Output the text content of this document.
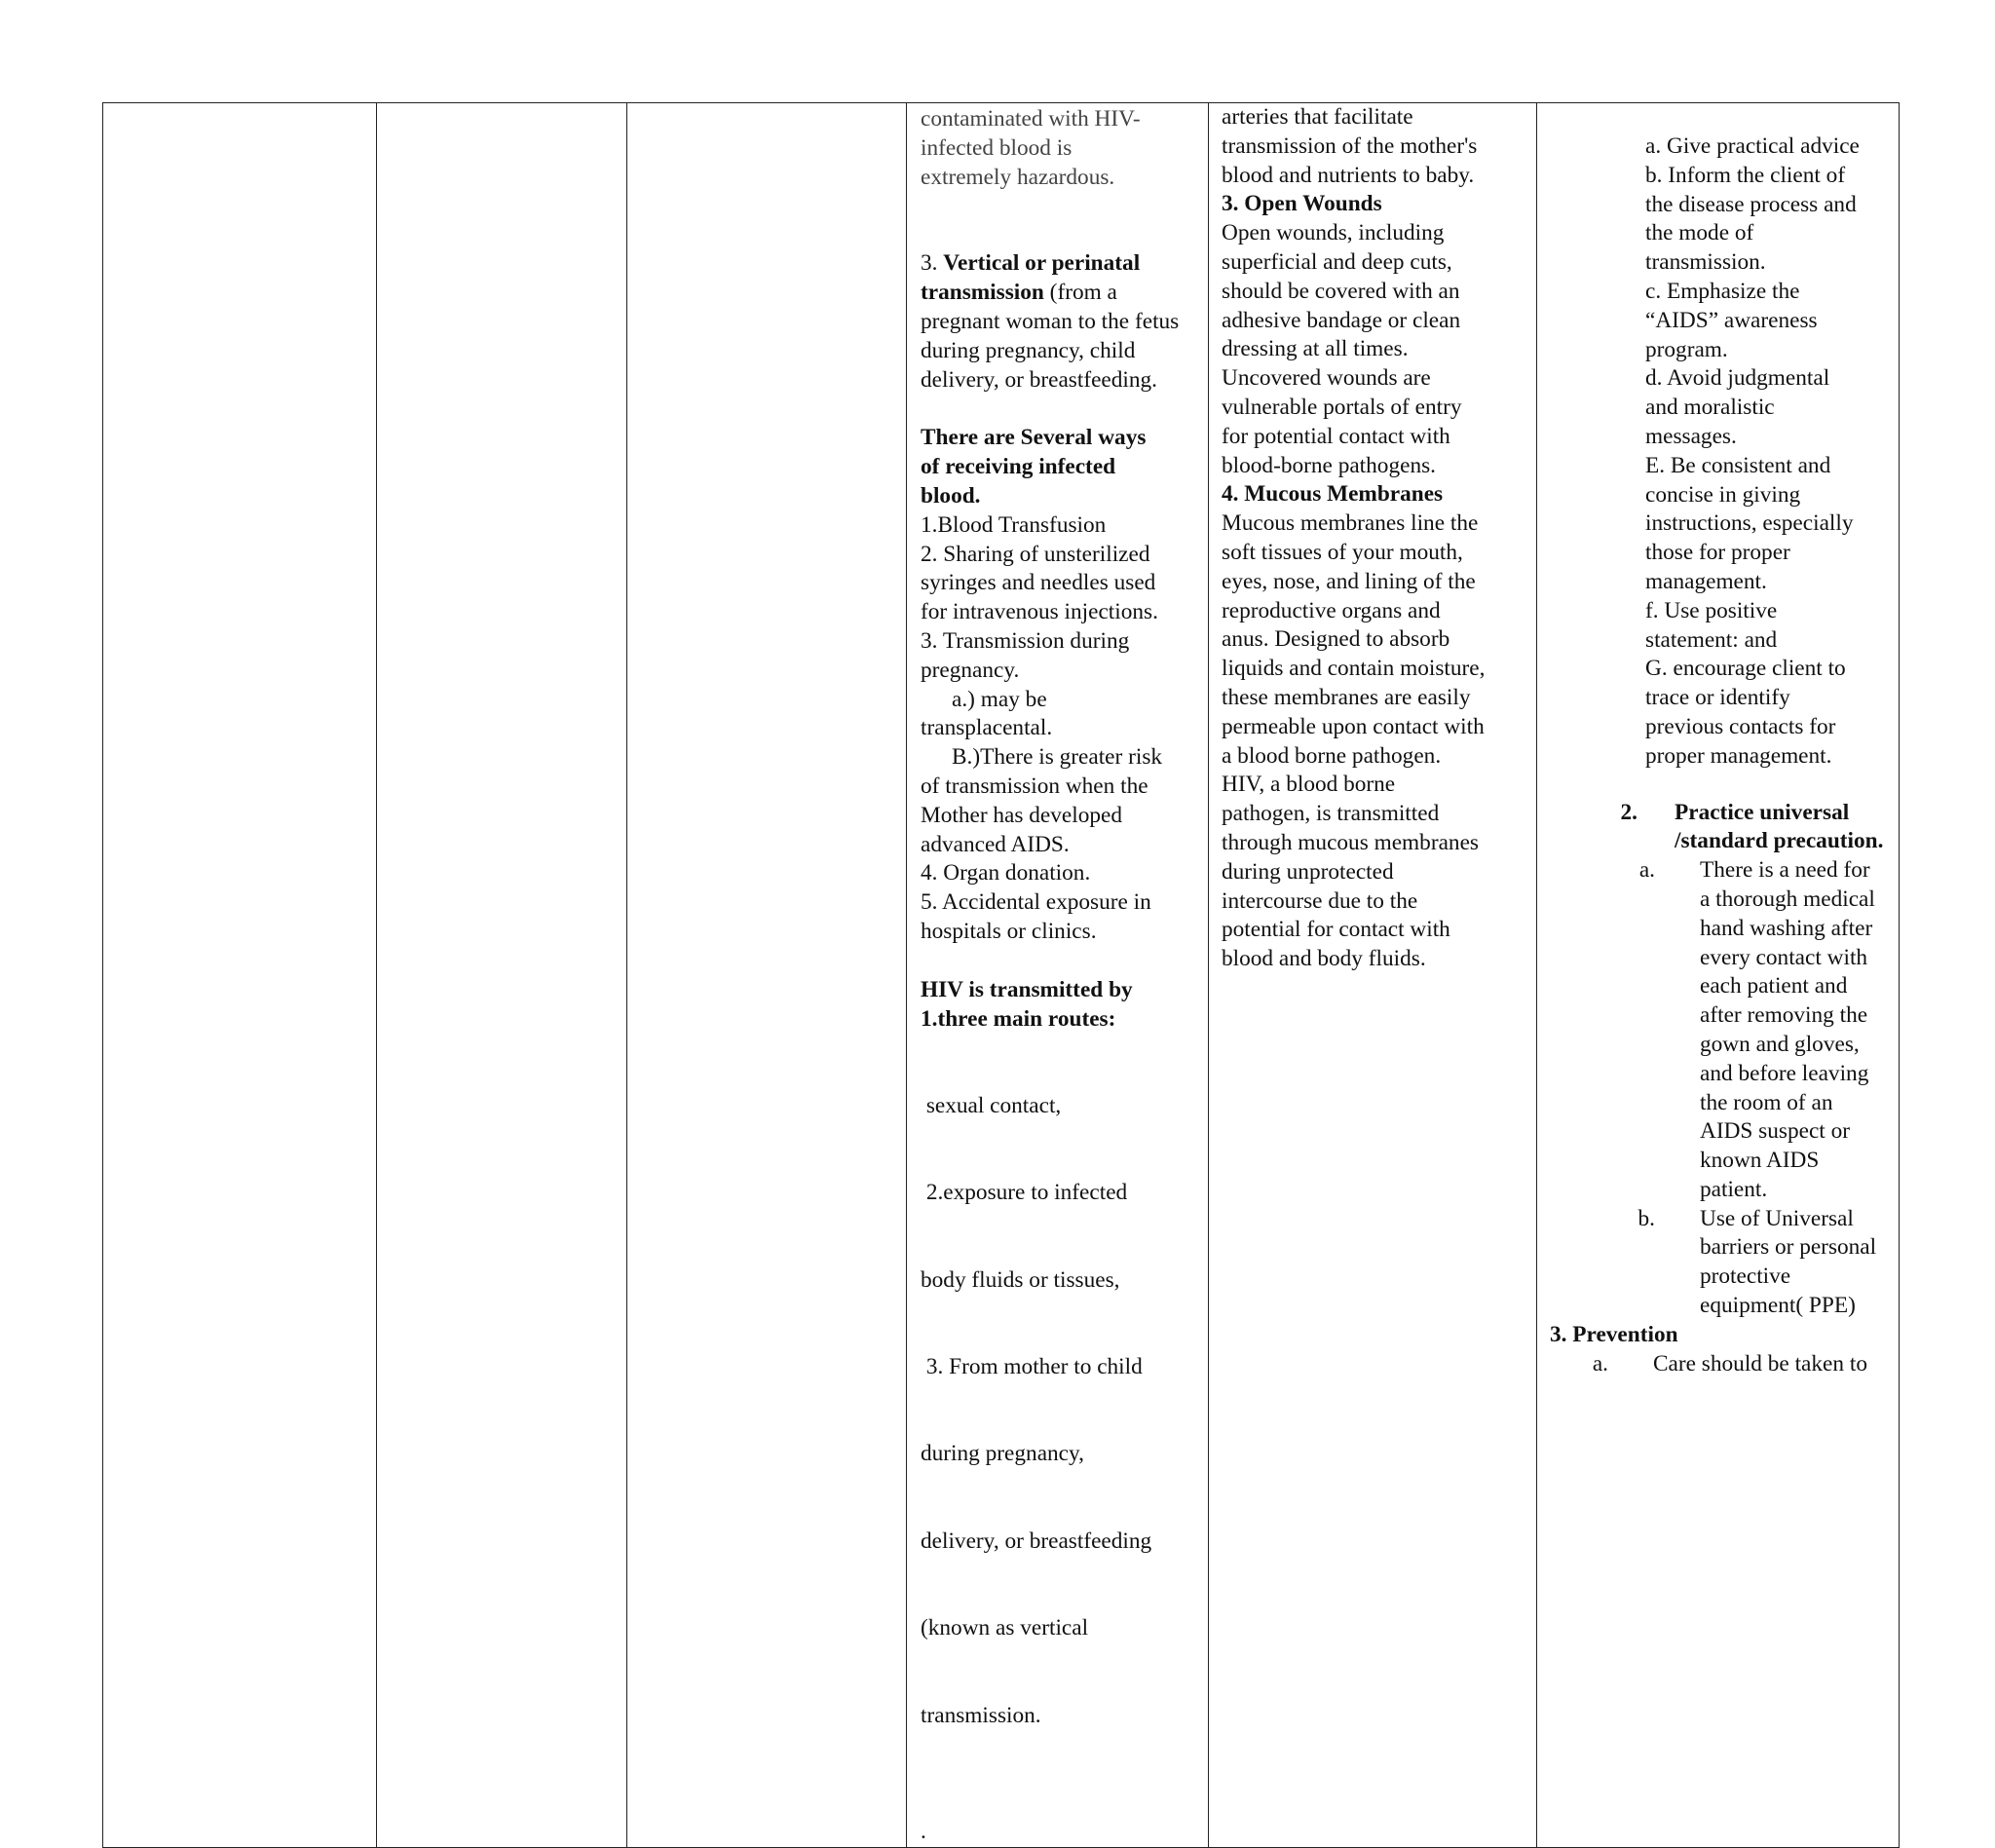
contaminated with HIV-
infected blood is
extremely hazardous.
3. Vertical or perinatal transmission (from a pregnant woman to the fetus during pregnancy, child delivery, or breastfeeding.
There are Several ways
of receiving infected
blood.
1.Blood Transfusion
2. Sharing of unsterilized
syringes and needles used
for intravenous injections.
3. Transmission during
pregnancy.
a.) may be
transplacental.
B.)There is greater risk
of transmission when the
Mother has developed
advanced AIDS.
4. Organ donation.
5. Accidental exposure in
hospitals or clinics.
HIV is transmitted by
1.three main routes:

sexual contact,

2.exposure to infected

body fluids or tissues,

3. From mother to child

during pregnancy,

delivery, or breastfeeding

(known as vertical

transmission.

.

arteries that facilitate
transmission of the mother's
blood and nutrients to baby.
3. Open Wounds
Open wounds, including
superficial and deep cuts,
should be covered with an
adhesive bandage or clean
dressing at all times.
Uncovered wounds are
vulnerable portals of entry
for potential contact with
blood-borne pathogens.
4. Mucous Membranes
Mucous membranes line the
soft tissues of your mouth,
eyes, nose, and lining of the
reproductive organs and
anus. Designed to absorb
liquids and contain moisture,
these membranes are easily
permeable upon contact with
a blood borne pathogen.
HIV, a blood borne
pathogen, is transmitted
through mucous membranes
during unprotected
intercourse due to the
potential for contact with
blood and body fluids.

a. Give practical advice
b. Inform the client of
the disease process and
the mode of
transmission.
c. Emphasize the
“AIDS” awareness
program.
d. Avoid judgmental
and moralistic
messages.
E. Be consistent and
concise in giving
instructions, especially
those for proper
management.
f. Use positive
statement: and
G. encourage client to
trace or identify
previous contacts for
proper management.
2. Practice universal
/standard precaution.
a. There is a need for
a thorough medical
hand washing after
every contact with
each patient and
after removing the
gown and gloves,
and before leaving
the room of an
AIDS suspect or
known AIDS
patient.
b. Use of Universal
barriers or personal
protective
equipment( PPE)
3. Prevention
a.	Care should be taken to
